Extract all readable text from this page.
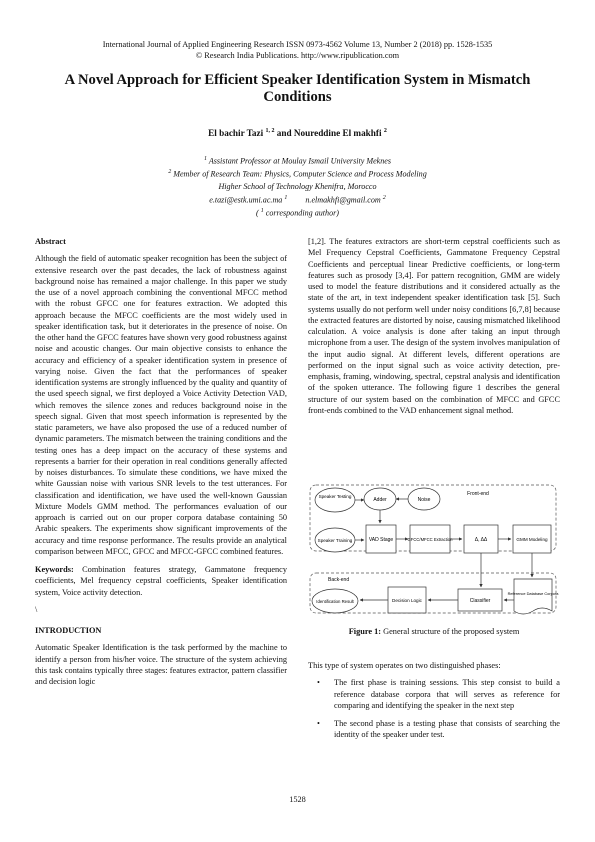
International Journal of Applied Engineering Research ISSN 0973-4562 Volume 13, Number 2 (2018) pp. 1528-1535
© Research India Publications. http://www.ripublication.com
A Novel Approach for Efficient Speaker Identification System in Mismatch Conditions
El bachir Tazi $^{1, 2}$ and Noureddine El makhfi $^2$
$^1$ Assistant Professor at Moulay Ismail University Meknes
$^2$ Member of Research Team: Physics, Computer Science and Process Modeling
Higher School of Technology Khenifra, Morocco
e.tazi@estk.umi.ac.ma $^1$ n.elmakhfi@gmail.com $^2$
( $^1$ corresponding author)
Abstract

Although the field of automatic speaker recognition has been the subject of extensive research over the past decades, the lack of robustness against background noise has remained a major challenge. In this paper we study the use of a novel approach combining the conventional MFCC method with the robust GFCC one for features extraction. We adopted this approach because the MFCC coefficients are the most widely used in speaker identification task, but it deteriorates in the presence of noise. On the other hand the GFCC features have shown very good robustness against noise and acoustic changes. Our main objective consists to enhance the accuracy and efficiency of a speaker identification system in presence of varying noise. Given the fact that the performances of speaker identification systems are strongly influenced by the quality and quantity of the used speech signal, we first deployed a Voice Activity Detection VAD, which removes the silence zones and reduces background noise in the speech signal. Given that most speech information is represented by the static parameters, we have also proposed the use of a reduced number of dynamic parameters. The mismatch between the training conditions and the testing ones has a deep impact on the accuracy of these systems and represents a barrier for their operation in real conditions generally affected by noises disturbances. To simulate these conditions, we have mixed the white Gaussian noise with various SNR levels to the test utterances. For classification and identification, we have used the well-known Gaussian Mixture Models GMM method. The performances evaluation of our approach is carried out on our proper corpora database containing 50 Arabic speakers. The experiments show significant improvements of the accuracy and time response performance. The results provide an analytical comparison between MFCC, GFCC and MFCC-GFCC combined features.

Keywords: Combination features strategy, Gammatone frequency coefficients, Mel frequency cepstral coefficients, Speaker identification system, Voice activity detection.

\

INTRODUCTION

Automatic Speaker Identification is the task performed by the machine to identify a person from his/her voice. The structure of the system achieving this task contains typically three stages: features extractor, pattern classifier and decision logic

[1,2]. The features extractors are short-term cepstral coefficients such as Mel Frequency Cepstral Coefficients, Gammatone Frequency Cepstral Coefficients and perceptual linear Predictive coefficients, or long-term features such as prosody [3,4]. For pattern recognition, GMM are widely used to model the feature distributions and it considered actually as the state of the art, in text independent speaker identification task [5]. Such systems usually do not perform well under noisy conditions [6,7,8] because the extracted features are distorted by noise, causing mismatched likelihood calculation. A voice analysis is done after taking an input through microphone from a user. The design of the system involves manipulation of the input audio signal. At different levels, different operations are performed on the input signal such as voice activity detection, pre-emphasis, framing, windowing, spectral, cepstral analysis and identification of the spoken utterance. The following figure 1 describes the general structure of our system based on the combination of MFCC and GFCC front-ends combined to the VAD enhancement signal method.

Speaker Testing
Adder	Noise
Front-end
Speaker Training	VAD Stage	GFCC/MFCC Extraction	Δ, ΔΔ	GMM Modeling
Back-end
Reference Database Corpora
Identification Result	Decision Logic	Classifier
Figure 1: General structure of the proposed system

This type of system operates on two distinguished phases:

• The first phase is training sessions. This step consist to build a reference database corpora that will serves as reference for comparing and identifying the speaker in the next step
• The second phase is a testing phase that consists of searching the identity of the speaker under test.
1528
